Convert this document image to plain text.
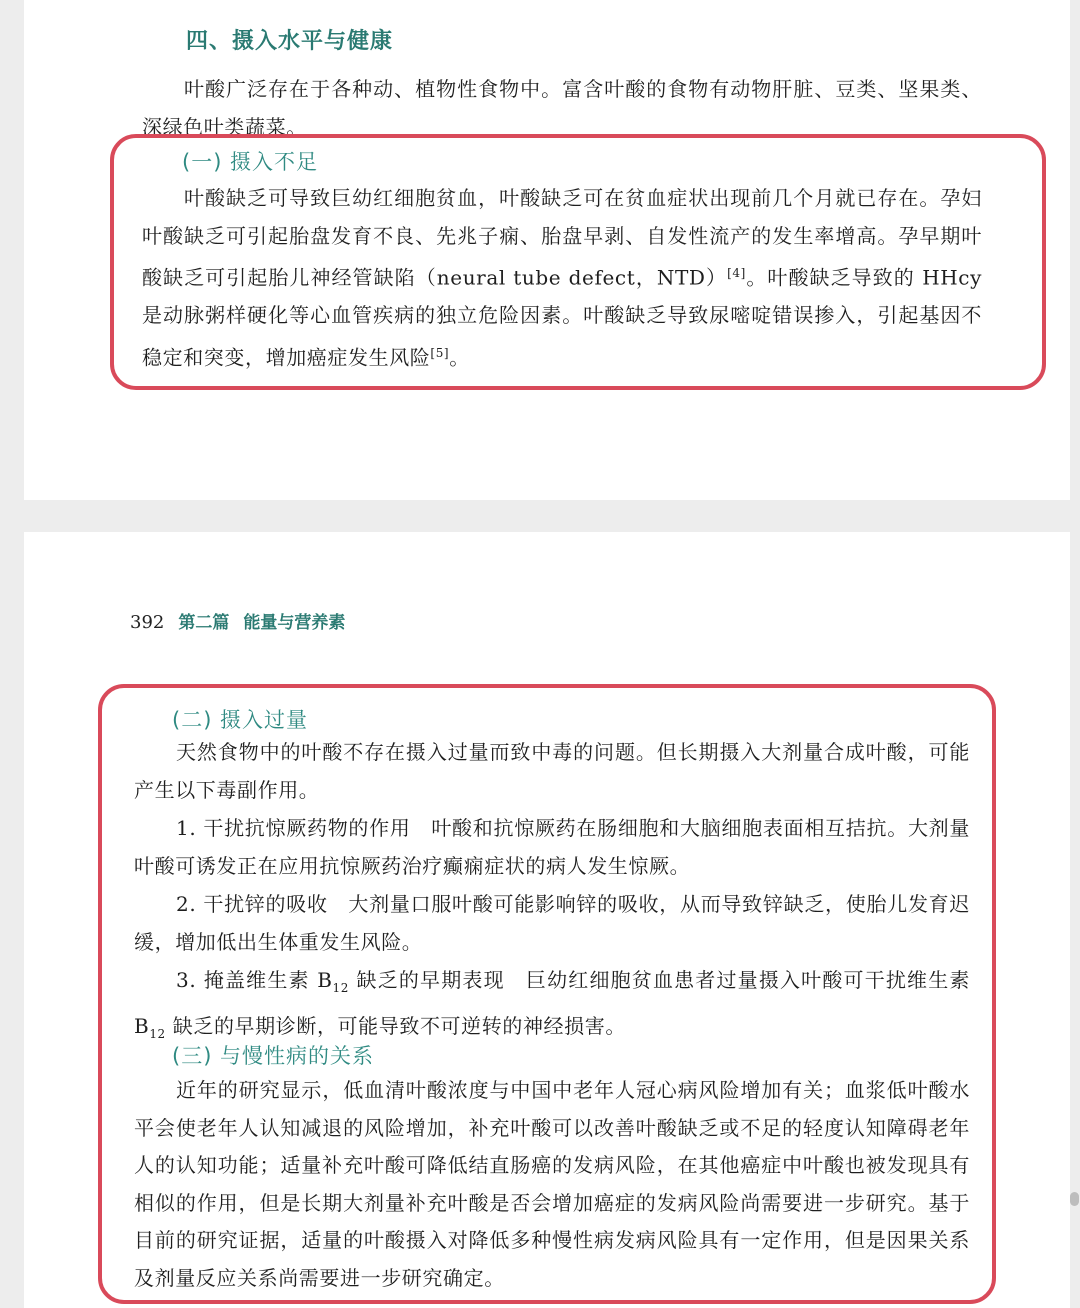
四、摄入水平与健康

叶酸广泛存在于各种动、植物性食物中。富含叶酸的食物有动物肝脏、豆类、坚果类、深绿色叶类蔬菜。

(一) 摄入不足

叶酸缺乏可导致巨幼红细胞贫血，叶酸缺乏可在贫血症状出现前几个月就已存在。孕妇叶酸缺乏可引起胎盘发育不良、先兆子痫、胎盘早剥、自发性流产的发生率增高。孕早期叶酸缺乏可引起胎儿神经管缺陷（neural tube defect，NTD）[4]。叶酸缺乏导致的 HHcy 是动脉粥样硬化等心血管疾病的独立危险因素。叶酸缺乏导致尿嘧啶错误掺入，引起基因不稳定和突变，增加癌症发生风险[5]。

392 第二篇 能量与营养素
(二) 摄入过量

天然食物中的叶酸不存在摄入过量而致中毒的问题。但长期摄入大剂量合成叶酸，可能产生以下毒副作用。

1. 干扰抗惊厥药物的作用　叶酸和抗惊厥药在肠细胞和大脑细胞表面相互拮抗。大剂量叶酸可诱发正在应用抗惊厥药治疗癫痫症状的病人发生惊厥。

2. 干扰锌的吸收　大剂量口服叶酸可能影响锌的吸收，从而导致锌缺乏，使胎儿发育迟缓，增加低出生体重发生风险。

3. 掩盖维生素 $B_{12}$ 缺乏的早期表现　巨幼红细胞贫血患者过量摄入叶酸可干扰维生素 $B_{12}$ 缺乏的早期诊断，可能导致不可逆转的神经损害。

(三) 与慢性病的关系

近年的研究显示，低血清叶酸浓度与中国中老年人冠心病风险增加有关；血浆低叶酸水平会使老年人认知减退的风险增加，补充叶酸可以改善叶酸缺乏或不足的轻度认知障碍老年人的认知功能；适量补充叶酸可降低结直肠癌的发病风险，在其他癌症中叶酸也被发现具有相似的作用，但是长期大剂量补充叶酸是否会增加癌症的发病风险尚需要进一步研究。基于目前的研究证据，适量的叶酸摄入对降低多种慢性病发病风险具有一定作用，但是因果关系及剂量反应关系尚需要进一步研究确定。
